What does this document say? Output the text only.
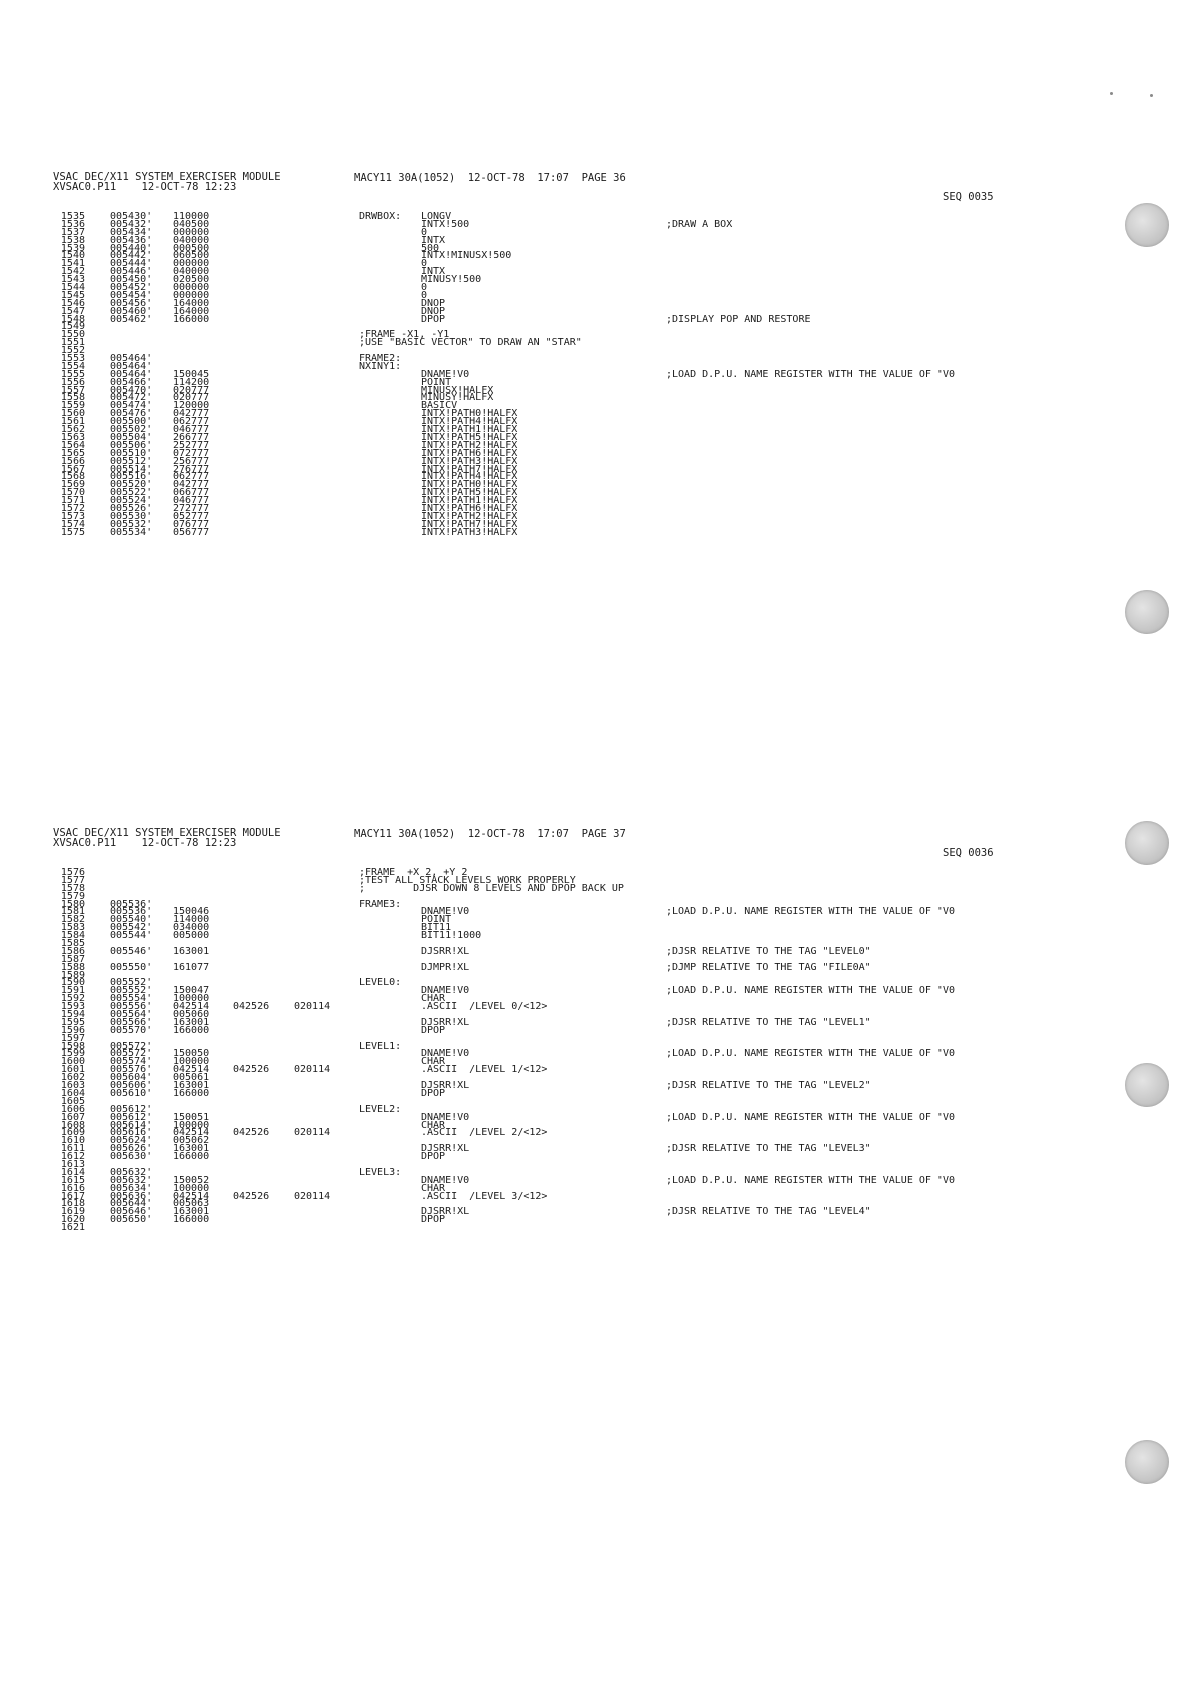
VSAC DEC/X11 SYSTEM EXERCISER MODULE
XVSAC0.P11    12-OCT-78 12:23
MACY11 30A(1052)  12-OCT-78  17:07  PAGE 36
SEQ 0035
1535	005430' 110000	DRWBOX: LONGV
1536	005432' 040500	INTX!500	;DRAW A BOX
1537	005434' 000000	0
1538	005436' 040000	INTX
1539	005440' 000500	500
1540	005442' 060500	INTX!MINUSX!500
1541	005444' 000000	0
1542	005446' 040000	INTX
1543	005450' 020500	MINUSY!500
1544	005452' 000000	0
1545	005454' 000000	0
1546	005456' 164000	DNOP
1547	005460' 164000	DNOP
1548	005462' 166000	DPOP	;DISPLAY POP AND RESTORE
1549
1550	;FRAME -X1, -Y1
1551	;USE "BASIC VECTOR" TO DRAW AN "STAR"
1552
1553	005464'	FRAME2:
1554	005464'	NXINY1:
1555	005464' 150045	DNAME!V0	;LOAD D.P.U. NAME REGISTER WITH THE VALUE OF "V0
1556	005466' 114200	POINT
1557	005470' 020777	MINUSX!HALFX
1558	005472' 020777	MINUSY!HALFX
1559	005474' 120000	BASICV
1560	005476' 042777	INTX!PATH0!HALFX
1561	005500' 062777	INTX!PATH4!HALFX
1562	005502' 046777	INTX!PATH1!HALFX
1563	005504' 266777	INTX!PATH5!HALFX
1564	005506' 252777	INTX!PATH2!HALFX
1565	005510' 072777	INTX!PATH6!HALFX
1566	005512' 256777	INTX!PATH3!HALFX
1567	005514' 276777	INTX!PATH7!HALFX
1568	005516' 062777	INTX!PATH4!HALFX
1569	005520' 042777	INTX!PATH0!HALFX
1570	005522' 066777	INTX!PATH5!HALFX
1571	005524' 046777	INTX!PATH1!HALFX
1572	005526' 272777	INTX!PATH6!HALFX
1573	005530' 052777	INTX!PATH2!HALFX
1574	005532' 076777	INTX!PATH7!HALFX
1575	005534' 056777	INTX!PATH3!HALFX
VSAC DEC/X11 SYSTEM EXERCISER MODULE
XVSAC0.P11    12-OCT-78 12:23
MACY11 30A(1052)  12-OCT-78  17:07  PAGE 37
SEQ 0036
1576	;FRAME  +X 2, +Y 2
1577	;TEST ALL STACK LEVELS WORK PROPERLY
1578	;        DJSR DOWN 8 LEVELS AND DPOP BACK UP
1579
1580	005536'	FRAME3:
1581	005536' 150046	DNAME!V0	;LOAD D.P.U. NAME REGISTER WITH THE VALUE OF "V0
1582	005540' 114000	POINT
1583	005542' 034000	BIT11
1584	005544' 005000	BIT11!1000
1585
1586	005546' 163001	DJSRR!XL	;DJSR RELATIVE TO THE TAG "LEVEL0"
1587
1588	005550' 161077	DJMPR!XL	;DJMP RELATIVE TO THE TAG "FILE0A"
1589
1590	005552'	LEVEL0:
1591	005552' 150047	DNAME!V0	;LOAD D.P.U. NAME REGISTER WITH THE VALUE OF "V0
1592	005554' 100000	CHAR
1593	005556' 042514 042526 020114	.ASCII  /LEVEL 0/<12>
1594	005564' 005060
1595	005566' 163001	DJSRR!XL	;DJSR RELATIVE TO THE TAG "LEVEL1"
1596	005570' 166000	DPOP
1597
1598	005572'	LEVEL1:
1599	005572' 150050	DNAME!V0	;LOAD D.P.U. NAME REGISTER WITH THE VALUE OF "V0
1600	005574' 100000	CHAR
1601	005576' 042514 042526 020114	.ASCII  /LEVEL 1/<12>
1602	005604' 005061
1603	005606' 163001	DJSRR!XL	;DJSR RELATIVE TO THE TAG "LEVEL2"
1604	005610' 166000	DPOP
1605
1606	005612'	LEVEL2:
1607	005612' 150051	DNAME!V0	;LOAD D.P.U. NAME REGISTER WITH THE VALUE OF "V0
1608	005614' 100000	CHAR
1609	005616' 042514 042526 020114	.ASCII  /LEVEL 2/<12>
1610	005624' 005062
1611	005626' 163001	DJSRR!XL	;DJSR RELATIVE TO THE TAG "LEVEL3"
1612	005630' 166000	DPOP
1613
1614	005632'	LEVEL3:
1615	005632' 150052	DNAME!V0	;LOAD D.P.U. NAME REGISTER WITH THE VALUE OF "V0
1616	005634' 100000	CHAR
1617	005636' 042514 042526 020114	.ASCII  /LEVEL 3/<12>
1618	005644' 005063
1619	005646' 163001	DJSRR!XL	;DJSR RELATIVE TO THE TAG "LEVEL4"
1620	005650' 166000	DPOP
1621
